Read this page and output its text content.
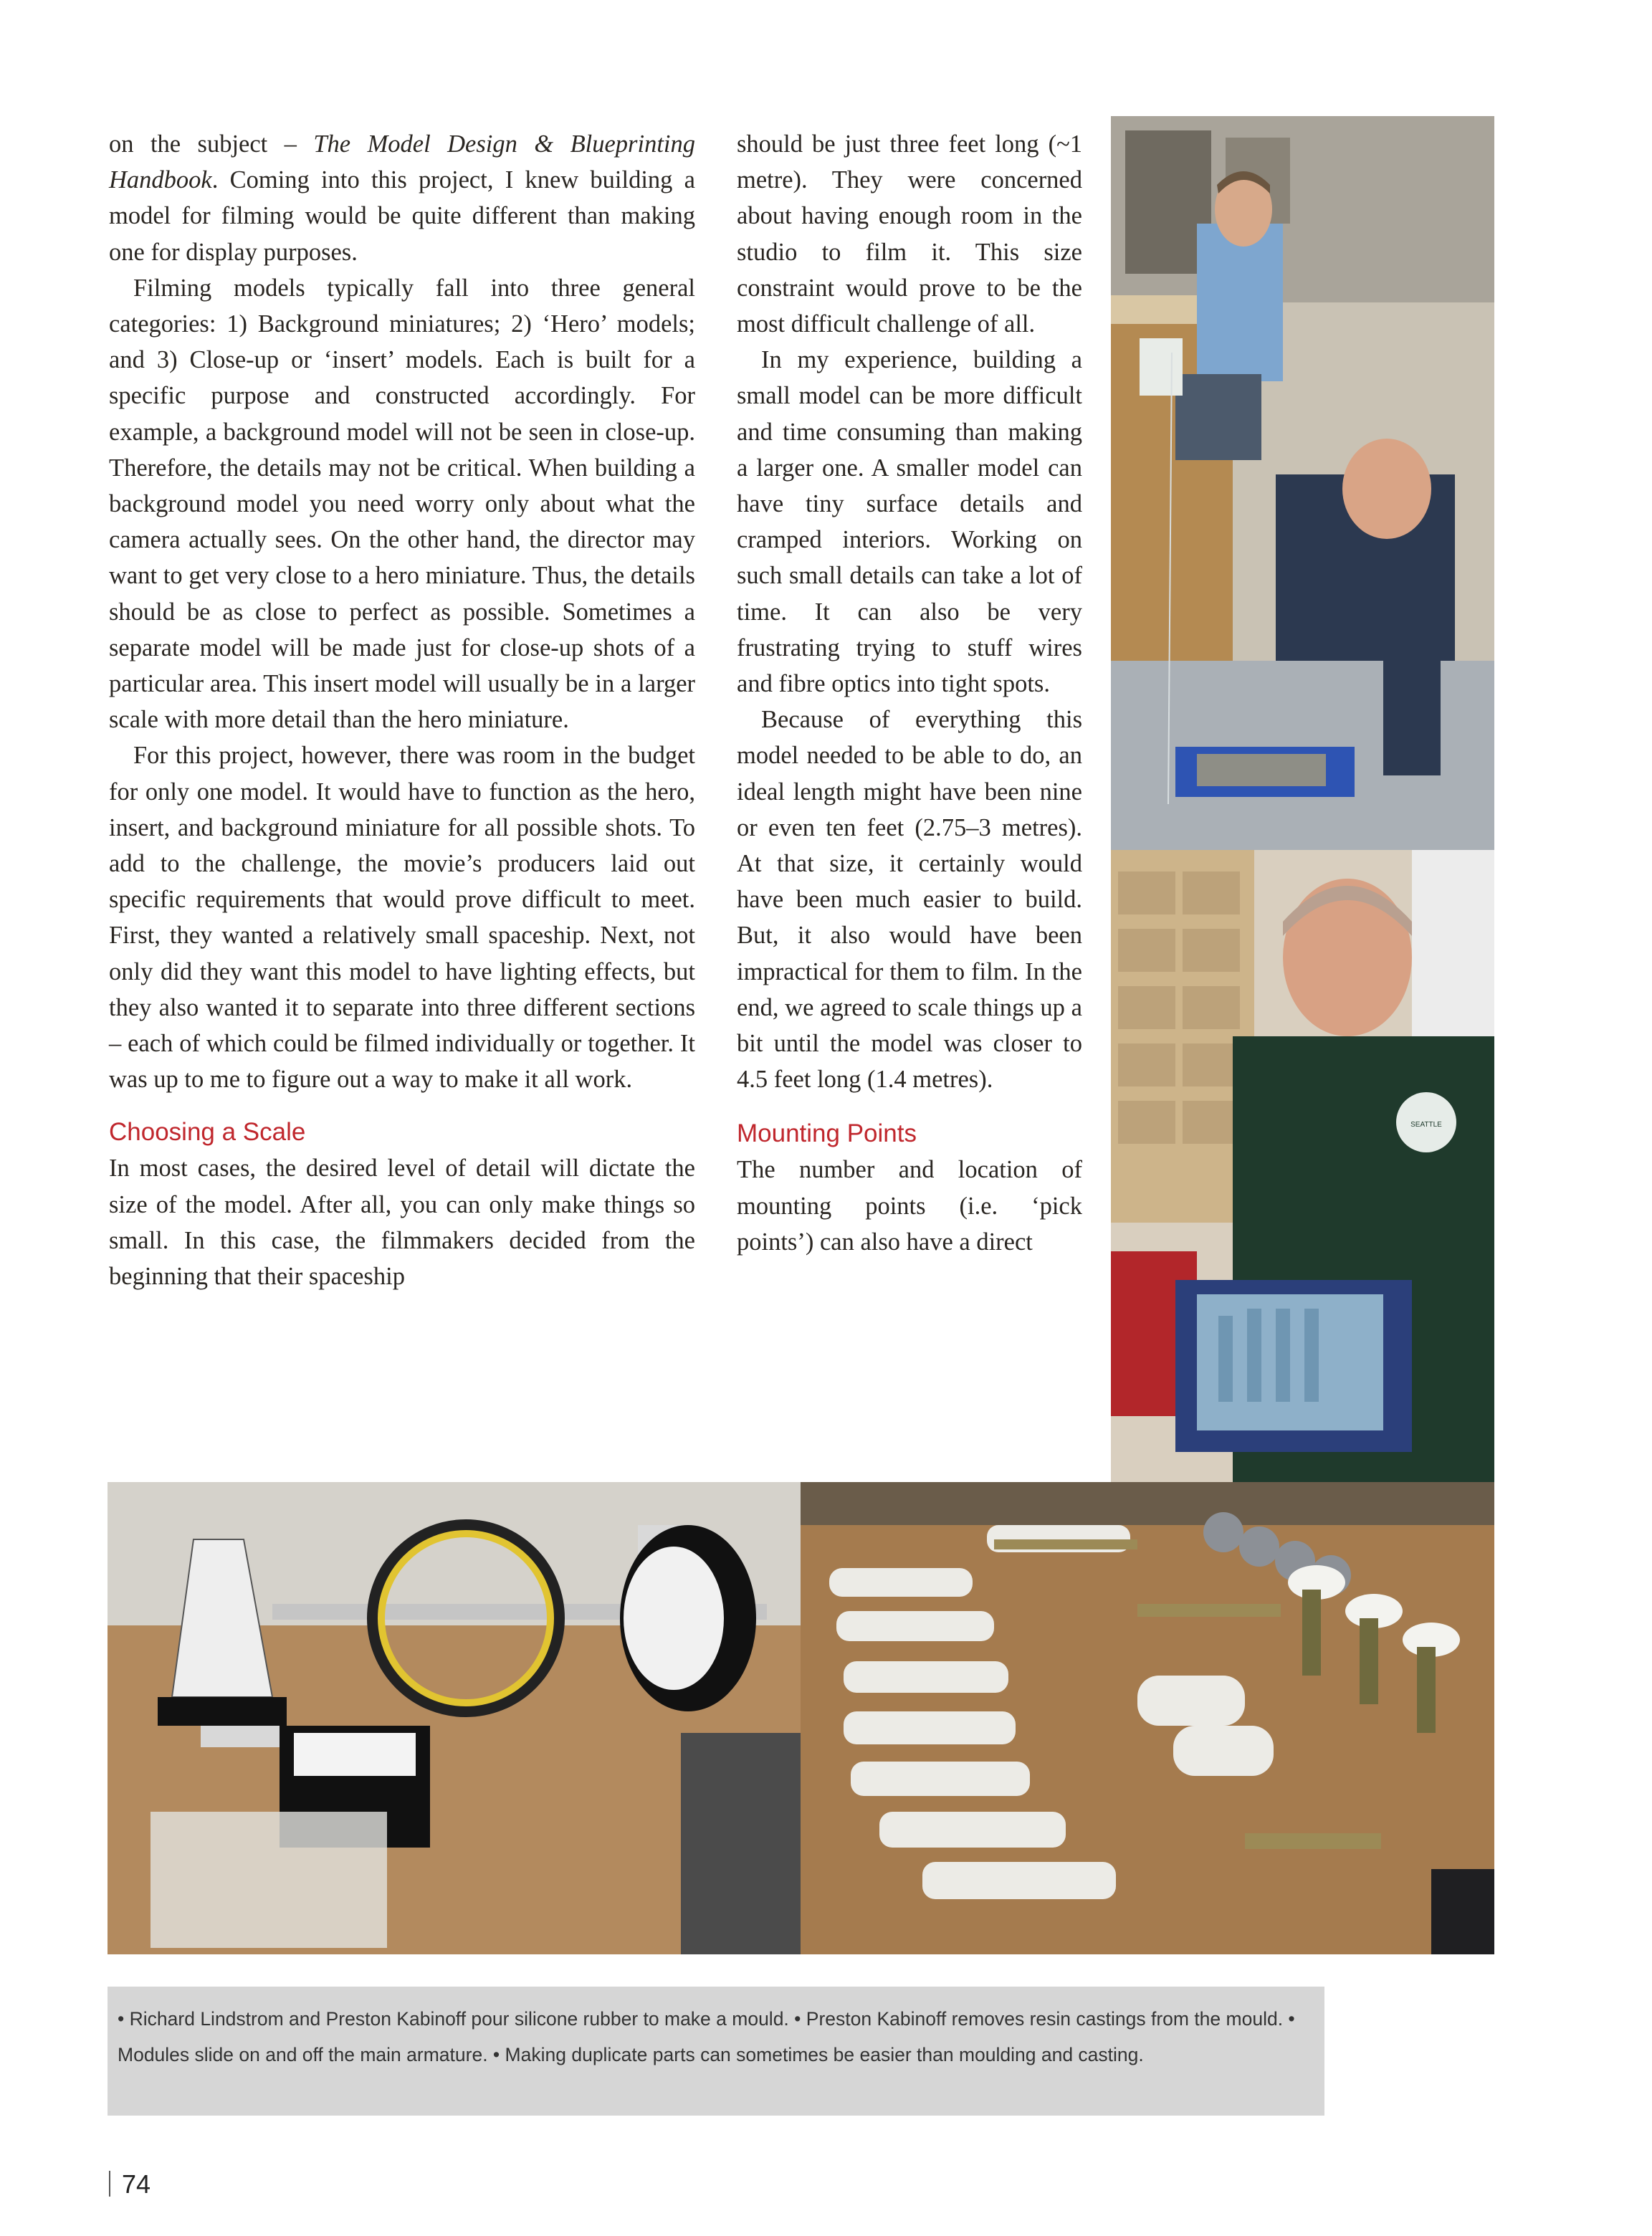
on the subject – The Model Design & Blueprinting Handbook. Coming into this project, I knew building a model for filming would be quite different than making one for display purposes.

Filming models typically fall into three general categories: 1) Background miniatures; 2) ‘Hero’ models; and 3) Close-up or ‘insert’ models. Each is built for a specific purpose and constructed accordingly. For example, a background model will not be seen in close-up. Therefore, the details may not be critical. When building a background model you need worry only about what the camera actually sees. On the other hand, the director may want to get very close to a hero miniature. Thus, the details should be as close to perfect as possible. Sometimes a separate model will be made just for close-up shots of a particular area. This insert model will usually be in a larger scale with more detail than the hero miniature.

For this project, however, there was room in the budget for only one model. It would have to function as the hero, insert, and background miniature for all possible shots. To add to the challenge, the movie’s producers laid out specific requirements that would prove difficult to meet. First, they wanted a relatively small spaceship. Next, not only did they want this model to have lighting effects, but they also wanted it to separate into three different sections – each of which could be filmed individually or together. It was up to me to figure out a way to make it all work.

Choosing a Scale

In most cases, the desired level of detail will dictate the size of the model. After all, you can only make things so small. In this case, the filmmakers decided from the beginning that their spaceship

should be just three feet long (~1 metre). They were concerned about having enough room in the studio to film it. This size constraint would prove to be the most difficult challenge of all.

In my experience, building a small model can be more difficult and time consuming than making a larger one. A smaller model can have tiny surface details and cramped interiors. Working on such small details can take a lot of time. It can also be very frustrating trying to stuff wires and fibre optics into tight spots.

Because of everything this model needed to be able to do, an ideal length might have been nine or even ten feet (2.75–3 metres). At that size, it certainly would have been much easier to build. But, it also would have been impractical for them to film. In the end, we agreed to scale things up a bit until the model was closer to 4.5 feet long (1.4 metres).

Mounting Points

The number and location of mounting points (i.e. ‘pick points’) can also have a direct

SEATTLE
• Richard Lindstrom and Preston Kabinoff pour silicone rubber to make a mould. • Preston Kabinoff removes resin castings from the mould. • Modules slide on and off the main armature. • Making duplicate parts can sometimes be easier than moulding and casting.
74
